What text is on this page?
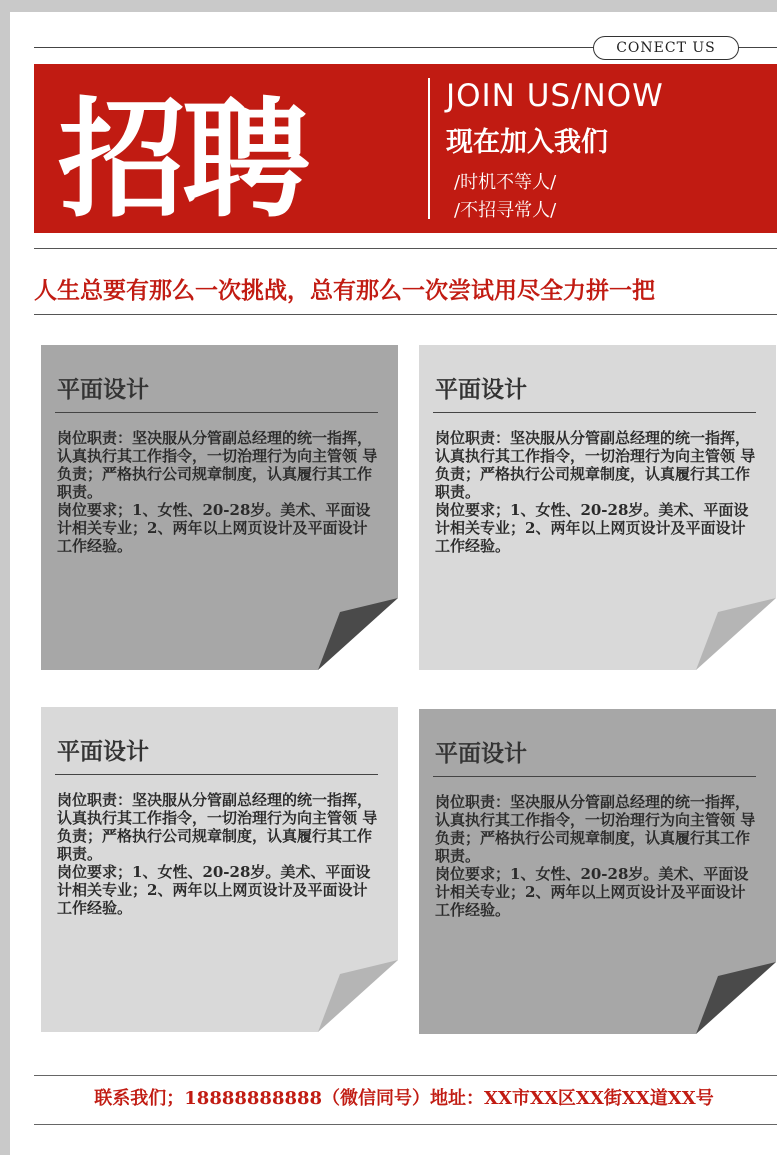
CONECT US
招聘	JOIN US/NOW
现在加入我们
/时机不等人/
/不招寻常人/
人生总要有那么一次挑战，总有那么一次尝试用尽全力拼一把
平面设计

岗位职责：坚决服从分管副总经理的统一指挥，认真执行其工作指令，一切治理行为向主管领 导负责；严格执行公司规章制度，认真履行其工作职责。

岗位要求；1、女性、20-28岁。美术、平面设计相关专业；2、两年以上网页设计及平面设计工作经验。

平面设计

岗位职责：坚决服从分管副总经理的统一指挥，认真执行其工作指令，一切治理行为向主管领 导负责；严格执行公司规章制度，认真履行其工作职责。

岗位要求；1、女性、20-28岁。美术、平面设计相关专业；2、两年以上网页设计及平面设计工作经验。

平面设计

岗位职责：坚决服从分管副总经理的统一指挥，认真执行其工作指令，一切治理行为向主管领 导负责；严格执行公司规章制度，认真履行其工作职责。

岗位要求；1、女性、20-28岁。美术、平面设计相关专业；2、两年以上网页设计及平面设计工作经验。

平面设计

岗位职责：坚决服从分管副总经理的统一指挥，认真执行其工作指令，一切治理行为向主管领 导负责；严格执行公司规章制度，认真履行其工作职责。

岗位要求；1、女性、20-28岁。美术、平面设计相关专业；2、两年以上网页设计及平面设计工作经验。

联系我们；18888888888（微信同号）地址：XX市XX区XX街XX道XX号
